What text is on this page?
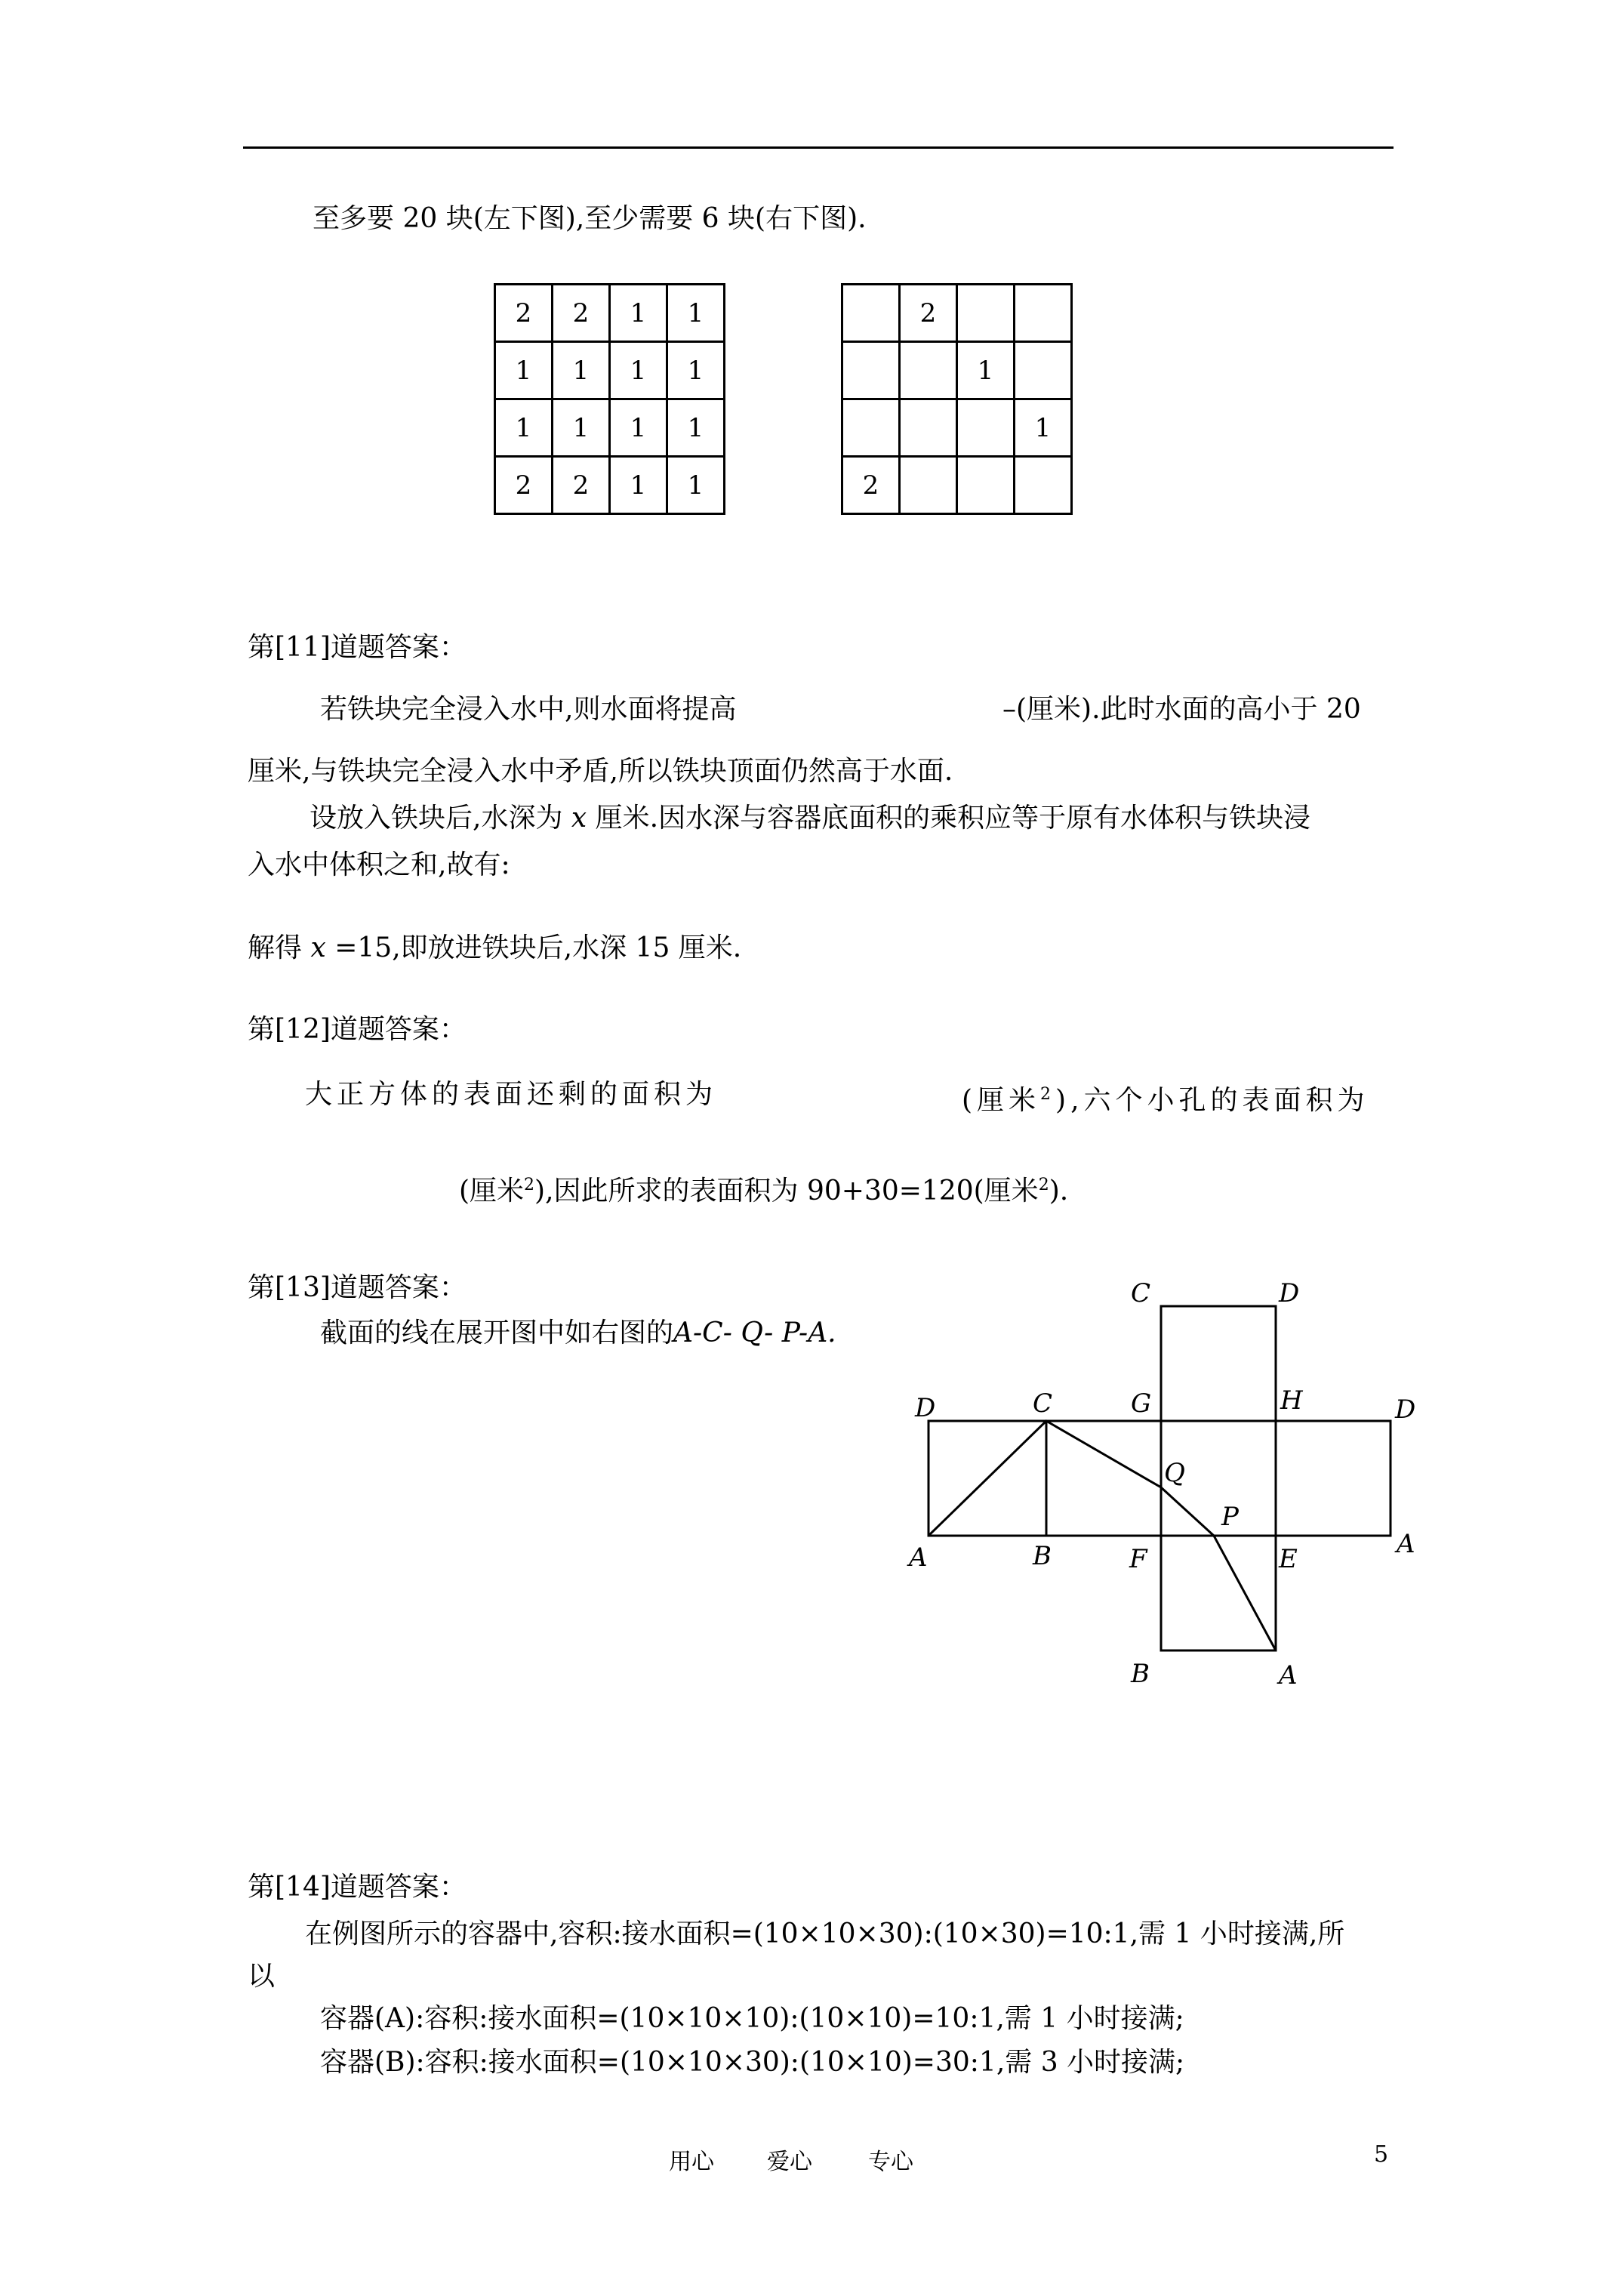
至多要 20 块(左下图),至少需要 6 块(右下图).
2	2	1	1
1	1	1	1
1	1	1	1
2	2	1	1
	2		
		1	
			1
2			
第[11]道题答案：
若铁块完全浸入水中,则水面将提高	–(厘米).此时水面的高小于 20
厘米,与铁块完全浸入水中矛盾,所以铁块顶面仍然高于水面.
设放入铁块后,水深为 x 厘米.因水深与容器底面积的乘积应等于原有水体积与铁块浸
入水中体积之和,故有:
解得 x =15,即放进铁块后,水深 15 厘米.
第[12]道题答案：
大正方体的表面还剩的面积为	(厘米$^2$),六个小孔的表面积为
(厘米$^2$),因此所求的表面积为 90+30=120(厘米$^2$).
第[13]道题答案：
截面的线在展开图中如右图的A-C- Q- P-A.
C	D
D	C	G	H	D
Q
P
A	B	F	E	A
B	A
第[14]道题答案：
在例图所示的容器中,容积:接水面积=(10×10×30):(10×30)=10:1,需 1 小时接满,所
以
容器(A):容积:接水面积=(10×10×10):(10×10)=10:1,需 1 小时接满;
容器(B):容积:接水面积=(10×10×30):(10×10)=30:1,需 3 小时接满;
用心 爱心 专心	5
